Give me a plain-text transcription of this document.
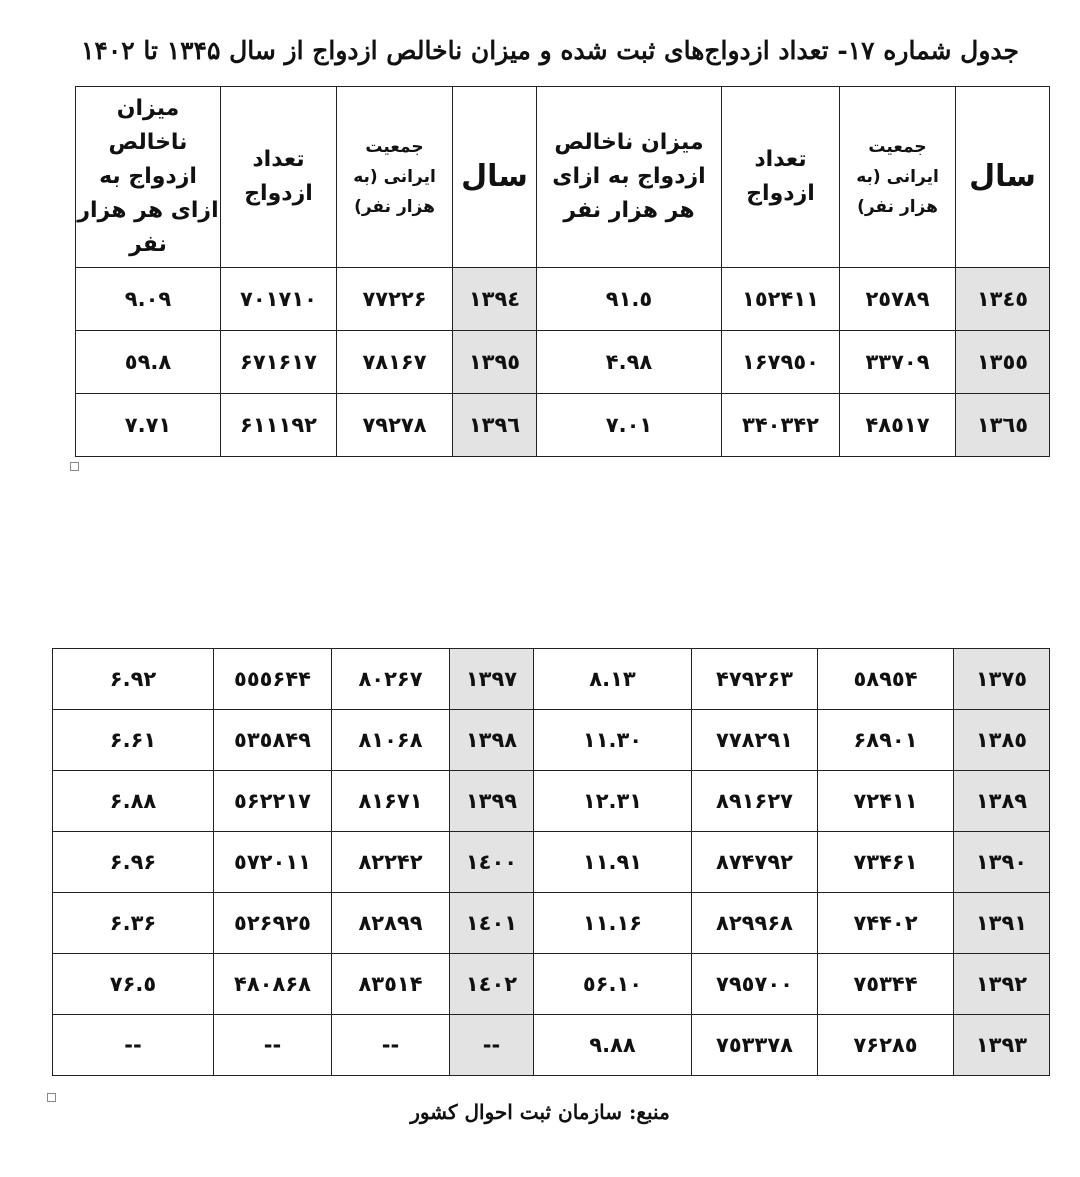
جدول شماره ۱۷- تعداد ازدواج‌های ثبت شده و میزان ناخالص ازدواج از سال ۱۳۴۵ تا ۱۴۰۲
سال	جمعیت ایرانی (به هزار نفر)	تعداد ازدواج	میزان ناخالص ازدواج به ازای هر هزار نفر	سال	جمعیت ایرانی (به هزار نفر)	تعداد ازدواج	میزان ناخالص ازدواج به ازای هر هزار نفر
۱۳٤٥	۲٥۷۸۹	۱٥۲۴۱۱	٥.۹۱	۱۳۹٤	۷۷۲۲۶	۷۰۱۷۱۰	۹.۰۹
۱۳٥٥	۳۳۷۰۹	۱۶۷۹٥۰	۴.۹۸	۱۳۹٥	۷۸۱۶۷	۶۷۱۶۱۷	۸.٥۹
۱۳٦٥	۴۸٥۱۷	۳۴۰۳۴۲	۷.۰۱	۱۳۹٦	۷۹۲۷۸	۶۱۱۱۹۲	۷.۷۱
۱۳۷٥	٥۸۹٥۴	۴۷۹۲۶۳	۸.۱۳	۱۳۹۷	۸۰۲۶۷	٥٥٥۶۴۴	۶.۹۲
۱۳۸٥	۶۸۹۰۱	۷۷۸۲۹۱	۱۱.۳۰	۱۳۹۸	۸۱۰۶۸	٥۳٥۸۴۹	۶.۶۱
۱۳۸۹	۷۲۴۱۱	۸۹۱۶۲۷	۱۲.۳۱	۱۳۹۹	۸۱۶۷۱	٥۶۲۲۱۷	۶.۸۸
۱۳۹۰	۷۳۴۶۱	۸۷۴۷۹۲	۱۱.۹۱	۱٤۰۰	۸۲۲۴۲	٥۷۲۰۱۱	۶.۹۶
۱۳۹۱	۷۴۴۰۲	۸۲۹۹۶۸	۱۱.۱۶	۱٤۰۱	۸۲۸۹۹	٥۲۶۹۲٥	۶.۳۶
۱۳۹۲	۷٥۳۴۴	۷۹٥۷۰۰	۱۰.٥۶	۱٤۰۲	۸۳٥۱۴	۴۸۰۸۶۸	٥.۷۶
۱۳۹۳	۷۶۲۸٥	۷٥۳۳۷۸	۹.۸۸	--	--	--	--
منبع: سازمان ثبت احوال کشور
